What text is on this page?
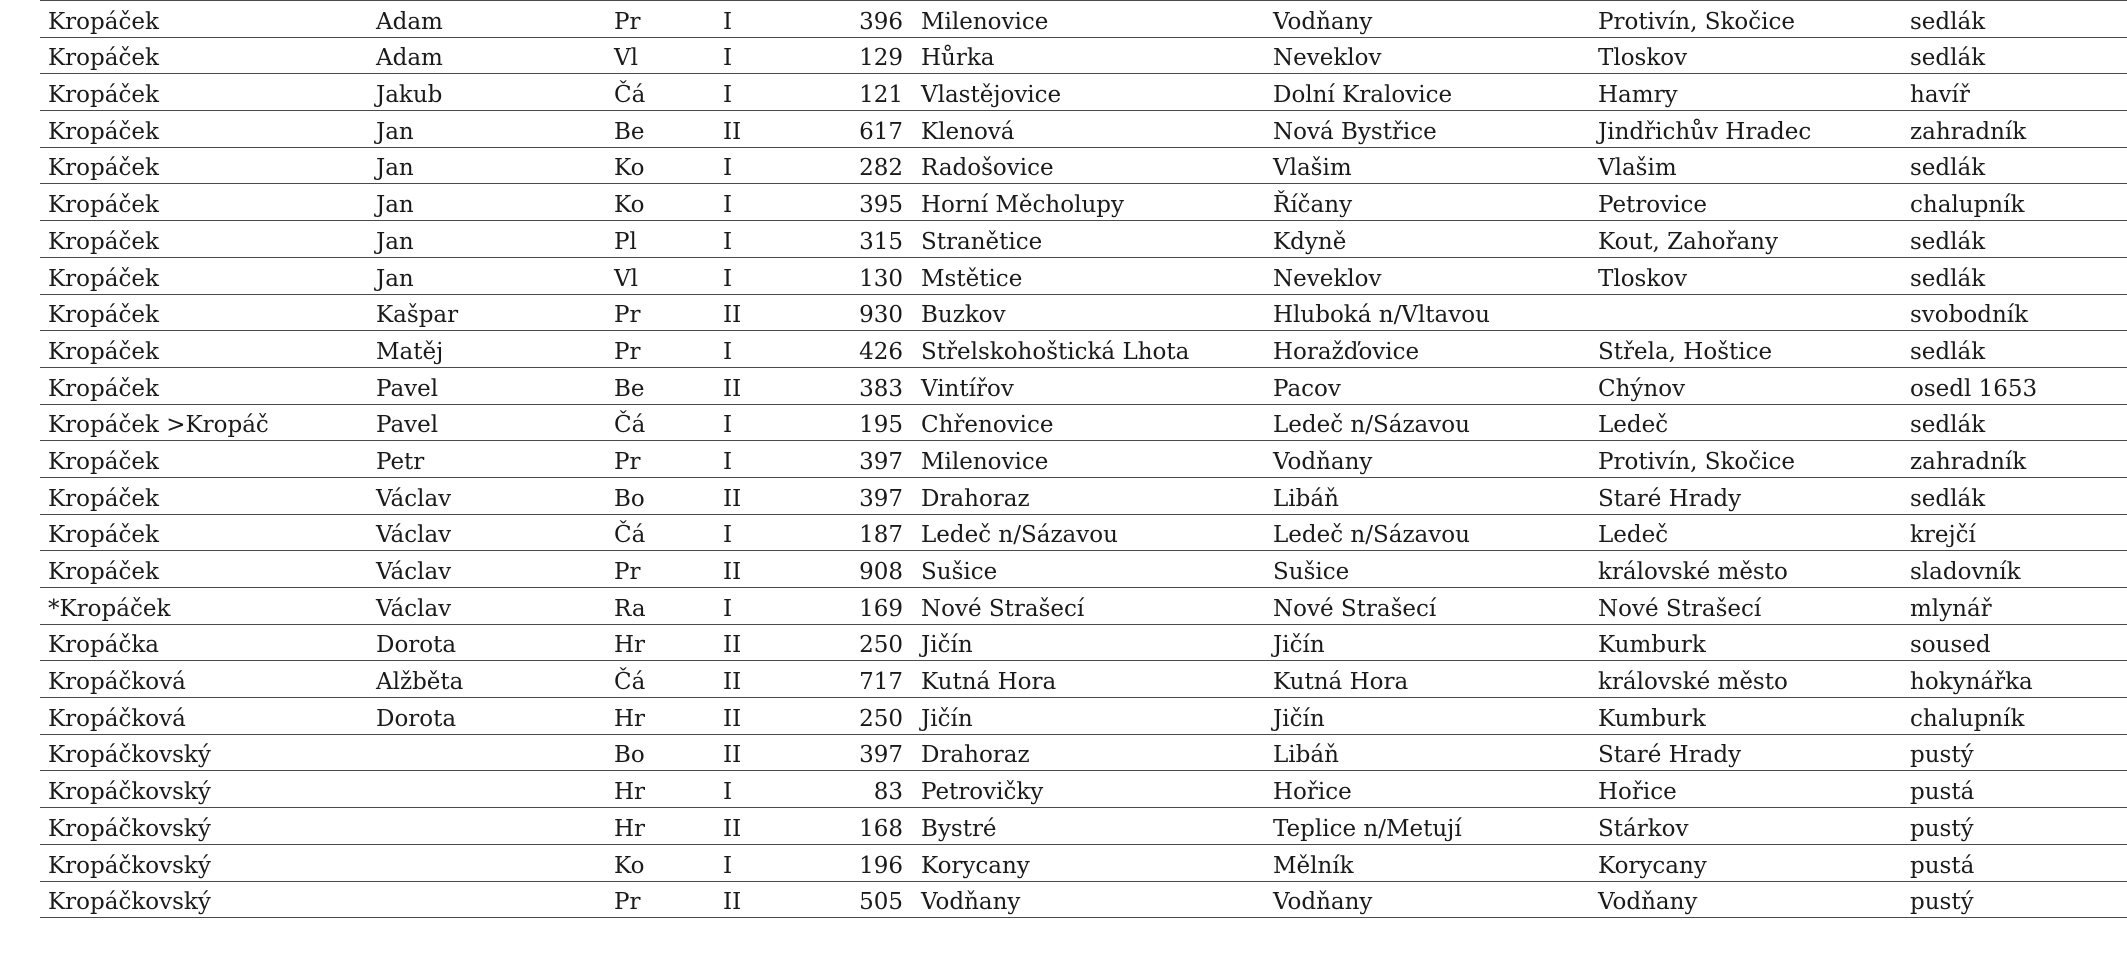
Kropáček	Adam	Pr	I	396	Milenovice	Vodňany	Protivín, Skočice	sedlák
Kropáček	Adam	Vl	I	129	Hůrka	Neveklov	Tloskov	sedlák
Kropáček	Jakub	Čá	I	121	Vlastějovice	Dolní Kralovice	Hamry	havíř
Kropáček	Jan	Be	II	617	Klenová	Nová Bystřice	Jindřichův Hradec	zahradník
Kropáček	Jan	Ko	I	282	Radošovice	Vlašim	Vlašim	sedlák
Kropáček	Jan	Ko	I	395	Horní Měcholupy	Říčany	Petrovice	chalupník
Kropáček	Jan	Pl	I	315	Stranětice	Kdyně	Kout, Zahořany	sedlák
Kropáček	Jan	Vl	I	130	Mstětice	Neveklov	Tloskov	sedlák
Kropáček	Kašpar	Pr	II	930	Buzkov	Hluboká n/Vltavou		svobodník
Kropáček	Matěj	Pr	I	426	Střelskohoštická Lhota	Horažďovice	Střela, Hoštice	sedlák
Kropáček	Pavel	Be	II	383	Vintířov	Pacov	Chýnov	osedl 1653
Kropáček >Kropáč	Pavel	Čá	I	195	Chřenovice	Ledeč n/Sázavou	Ledeč	sedlák
Kropáček	Petr	Pr	I	397	Milenovice	Vodňany	Protivín, Skočice	zahradník
Kropáček	Václav	Bo	II	397	Drahoraz	Libáň	Staré Hrady	sedlák
Kropáček	Václav	Čá	I	187	Ledeč n/Sázavou	Ledeč n/Sázavou	Ledeč	krejčí
Kropáček	Václav	Pr	II	908	Sušice	Sušice	královské město	sladovník
*Kropáček	Václav	Ra	I	169	Nové Strašecí	Nové Strašecí	Nové Strašecí	mlynář
Kropáčka	Dorota	Hr	II	250	Jičín	Jičín	Kumburk	soused
Kropáčková	Alžběta	Čá	II	717	Kutná Hora	Kutná Hora	královské město	hokynářka
Kropáčková	Dorota	Hr	II	250	Jičín	Jičín	Kumburk	chalupník
Kropáčkovský		Bo	II	397	Drahoraz	Libáň	Staré Hrady	pustý
Kropáčkovský		Hr	I	83	Petrovičky	Hořice	Hořice	pustá
Kropáčkovský		Hr	II	168	Bystré	Teplice n/Metují	Stárkov	pustý
Kropáčkovský		Ko	I	196	Korycany	Mělník	Korycany	pustá
Kropáčkovský		Pr	II	505	Vodňany	Vodňany	Vodňany	pustý
